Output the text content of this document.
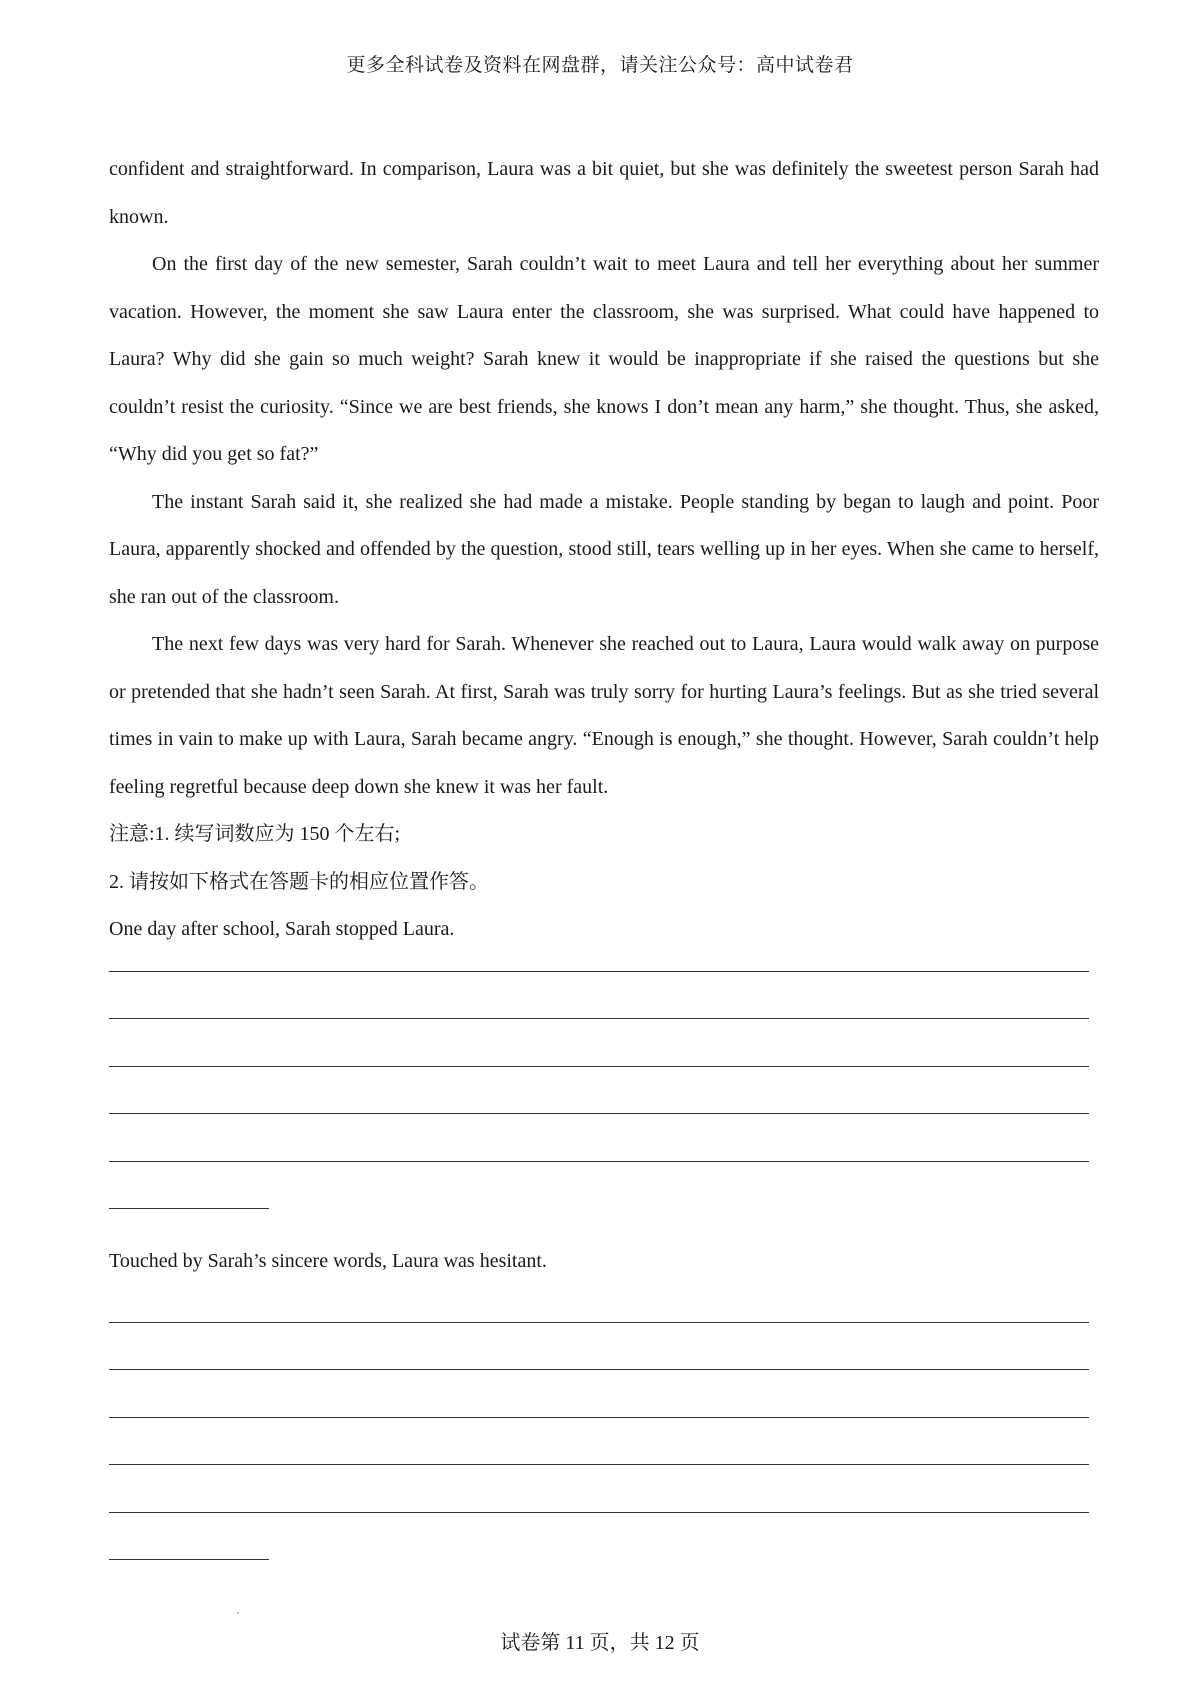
更多全科试卷及资料在网盘群，请关注公众号：高中试卷君

confident and straightforward. In comparison, Laura was a bit quiet, but she was definitely the sweetest person Sarah had known.

On the first day of the new semester, Sarah couldn’t wait to meet Laura and tell her everything about her summer vacation. However, the moment she saw Laura enter the classroom, she was surprised. What could have happened to Laura? Why did she gain so much weight? Sarah knew it would be inappropriate if she raised the questions but she couldn’t resist the curiosity. “Since we are best friends, she knows I don’t mean any harm,” she thought. Thus, she asked, “Why did you get so fat?”

The instant Sarah said it, she realized she had made a mistake. People standing by began to laugh and point. Poor Laura, apparently shocked and offended by the question, stood still, tears welling up in her eyes. When she came to herself, she ran out of the classroom.

The next few days was very hard for Sarah. Whenever she reached out to Laura, Laura would walk away on purpose or pretended that she hadn’t seen Sarah. At first, Sarah was truly sorry for hurting Laura’s feelings. But as she tried several times in vain to make up with Laura, Sarah became angry. “Enough is enough,” she thought. However, Sarah couldn’t help feeling regretful because deep down she knew it was her fault.

注意:1. 续写词数应为 150 个左右;

2. 请按如下格式在答题卡的相应位置作答。

One day after school, Sarah stopped Laura.

Touched by Sarah’s sincere words, Laura was hesitant.
试卷第 11 页，共 12 页
